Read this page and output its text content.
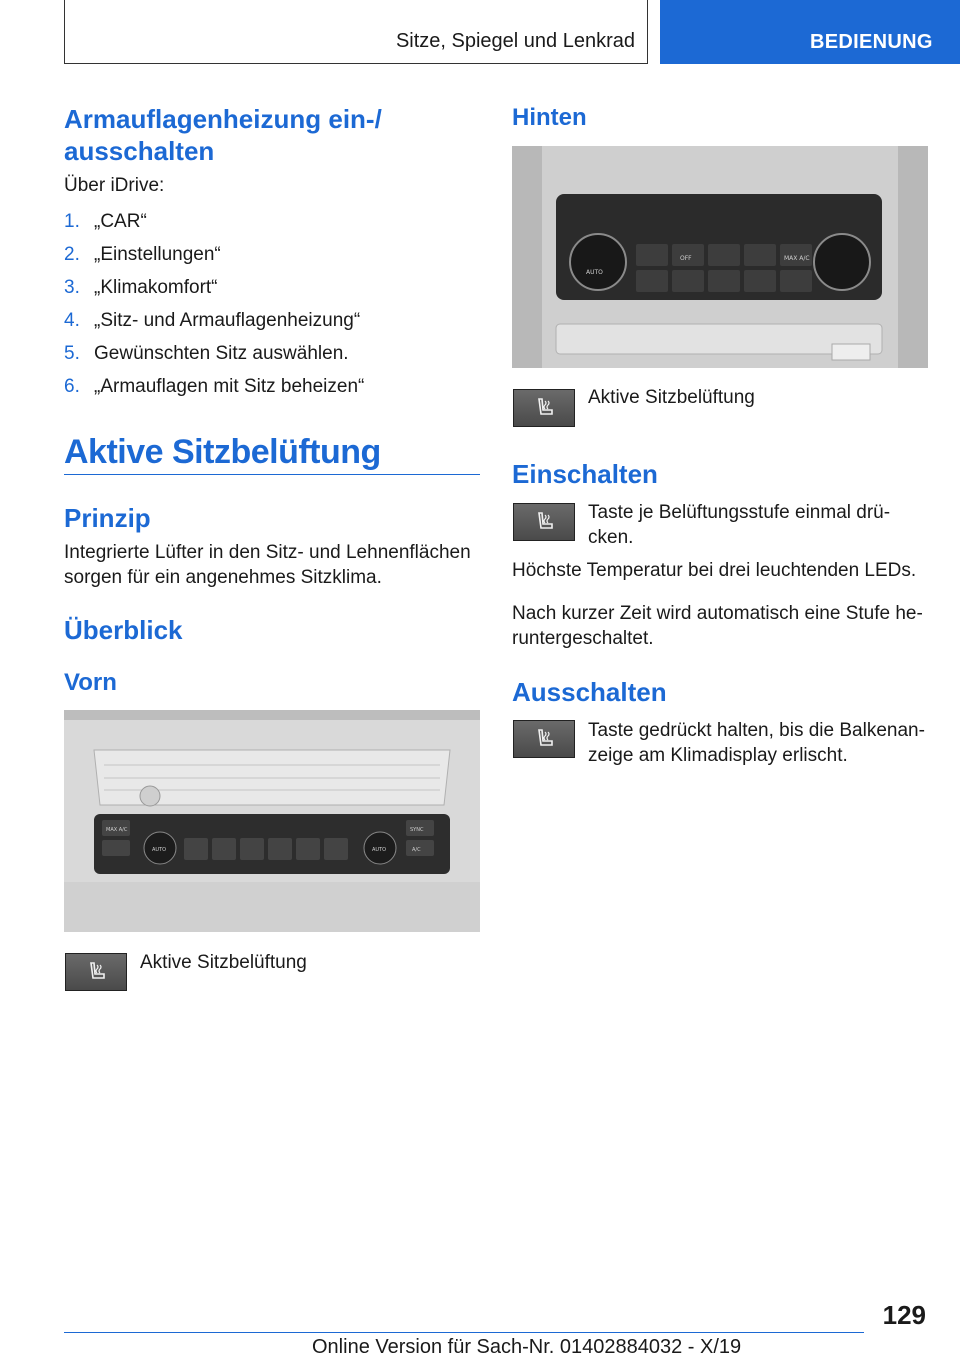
Sitze, Spiegel und Lenkrad	BEDIENUNG
Armauflagenheizung ein-/
ausschalten

Über iDrive:

1. „CAR“
2. „Einstellungen“
3. „Klimakomfort“
4. „Sitz- und Armauflagenheizung“
5. Gewünschten Sitz auswählen.
6. „Armauflagen mit Sitz beheizen“
Aktive Sitzbelüftung
Prinzip

Integrierte Lüfter in den Sitz- und Lehnenflächen
sorgen für ein angenehmes Sitzklima.

Überblick
Vorn
MAX A/C
AUTO
SYNC
A/C
AUTO

Aktive Sitzbelüftung

Hinten
AUTO
OFF	MAX A/C

Aktive Sitzbelüftung

Einschalten

Taste je Belüftungsstufe einmal drü-
cken.

Höchste Temperatur bei drei leuchtenden LEDs.

Nach kurzer Zeit wird automatisch eine Stufe he-
runtergeschaltet.

Ausschalten

Taste gedrückt halten, bis die Balkenan-
zeige am Klimadisplay erlischt.

129
Online Version für Sach-Nr. 01402884032 - X/19
